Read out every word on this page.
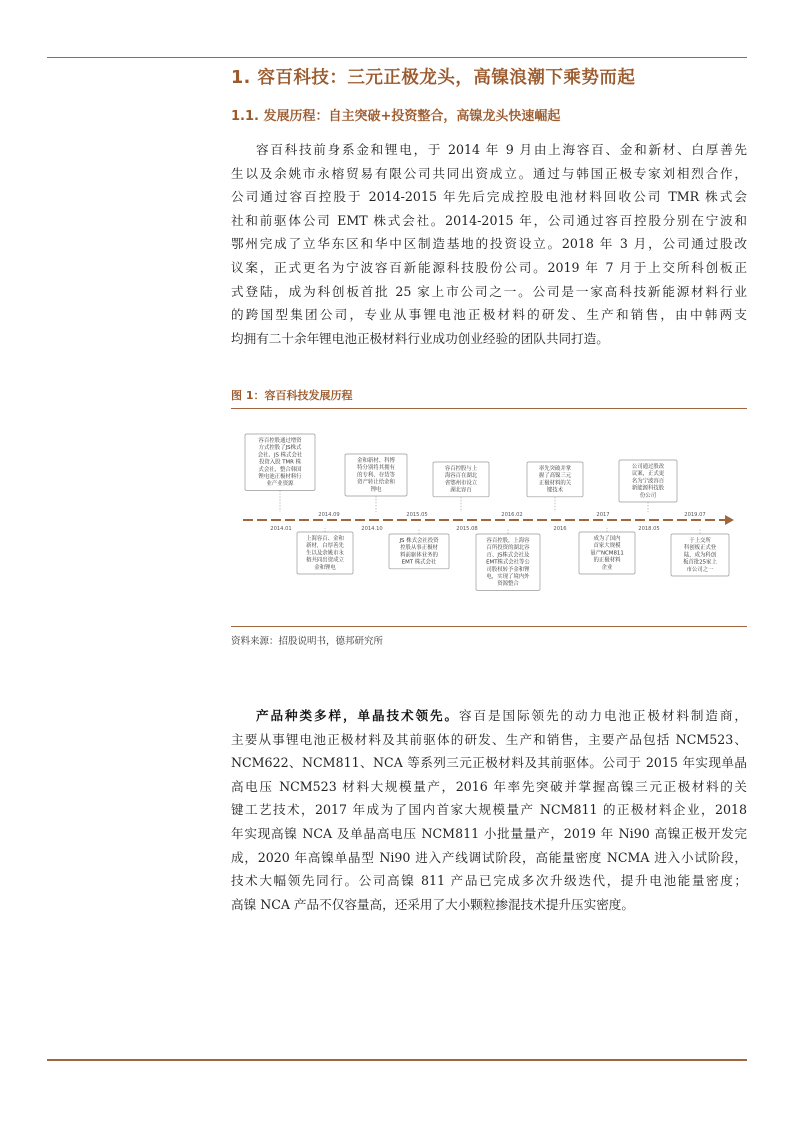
1. 容百科技：三元正极龙头，高镍浪潮下乘势而起
1.1. 发展历程：自主突破+投资整合，高镍龙头快速崛起
容百科技前身系金和锂电，于 2014 年 9 月由上海容百、金和新材、白厚善先
生以及余姚市永榕贸易有限公司共同出资成立。通过与韩国正极专家刘相烈合作，
公司通过容百控股于 2014-2015 年先后完成控股电池材料回收公司 TMR 株式会
社和前驱体公司 EMT 株式会社。2014-2015 年，公司通过容百控股分别在宁波和
鄂州完成了立华东区和华中区制造基地的投资设立。2018 年 3 月，公司通过股改
议案，正式更名为宁波容百新能源科技股份公司。2019 年 7 月于上交所科创板正
式登陆，成为科创板首批 25 家上市公司之一。公司是一家高科技新能源材料行业
的跨国型集团公司，专业从事锂电池正极材料的研发、生产和销售，由中韩两支
均拥有二十余年锂电池正极材料行业成功创业经验的团队共同打造。
图 1：容百科技发展历程
2014.01
2014.09
2014.10
2015.05
2015.08
2016.02
2016
2017
2018.05
2019.07
容百控股通过增资
方式控股了JS株式
会社、JS 株式会社
投资入股 TMR 株
式会社，整合韩国
锂电池正极材料行
业产业资源
金和新材、科博
特分别将其拥有
的专利、存货等
资产转让给金和
锂电
容百控股与上
海容百在湖北
省鄂州市设立
湖北容百
率先突破并掌
握了高镍三元
正极材料的关
键技术
公司通过股改
议案，正式更
名为宁波容百
新能源科技股
份公司
上海容百、金和
新材，白厚善先
生以及余姚市永
榕共同出资成立
金和锂电
JS 株式会社投资
控股从事正极材
料前驱体业务的
EMT 株式会社
容百控股，上海容
百所投资的湖北容
百、JS株式会社及
EMT株式会社等公
司股权转予金和锂
电，实现了境内外
资源整合
成为了国内
首家大规模
量产NCM811
的正极材料
企业
于上交所
科创板正式登
陆，成为科创
板首批25家上
市公司之一
资料来源：招股说明书，德邦研究所
产品种类多样，单晶技术领先。容百是国际领先的动力电池正极材料制造商，
主要从事锂电池正极材料及其前驱体的研发、生产和销售，主要产品包括 NCM523、
NCM622、NCM811、NCA 等系列三元正极材料及其前驱体。公司于 2015 年实现单晶
高电压 NCM523 材料大规模量产，2016 年率先突破并掌握高镍三元正极材料的关
键工艺技术，2017 年成为了国内首家大规模量产 NCM811 的正极材料企业，2018
年实现高镍 NCA 及单晶高电压 NCM811 小批量量产，2019 年 Ni90 高镍正极开发完
成，2020 年高镍单晶型 Ni90 进入产线调试阶段，高能量密度 NCMA 进入小试阶段，
技术大幅领先同行。公司高镍 811 产品已完成多次升级迭代，提升电池能量密度；
高镍 NCA 产品不仅容量高，还采用了大小颗粒掺混技术提升压实密度。
